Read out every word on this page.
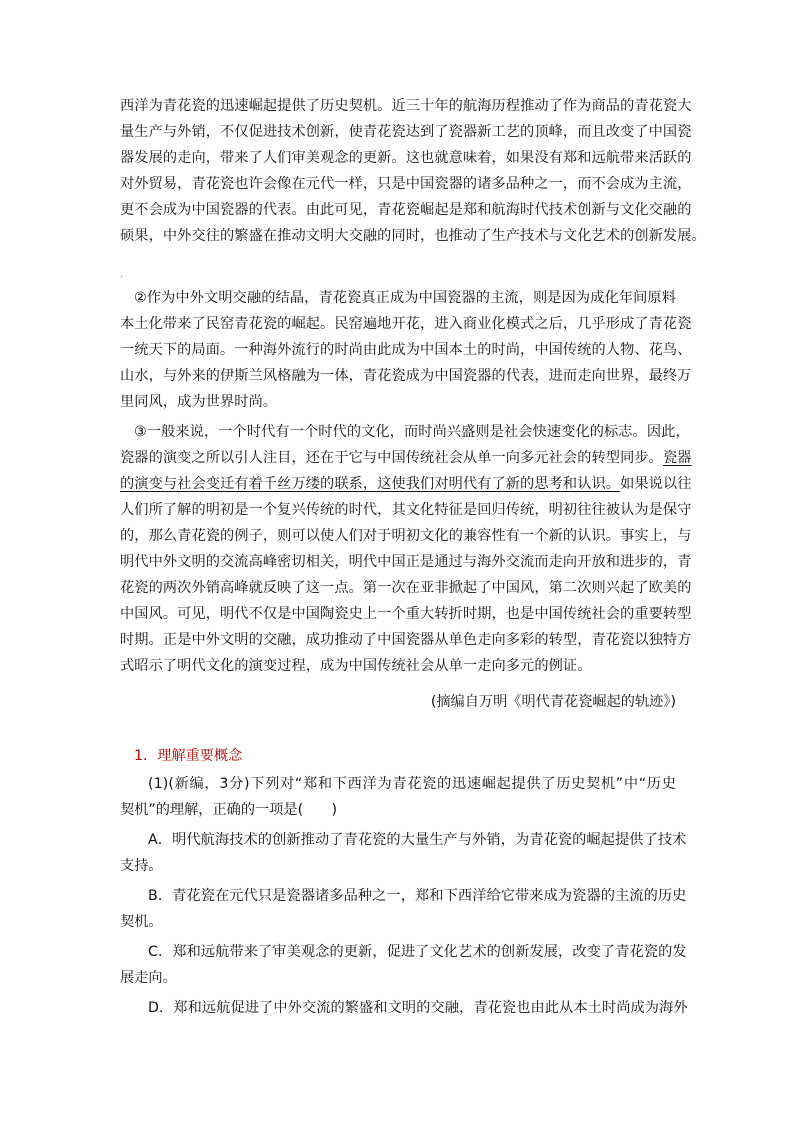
西洋为青花瓷的迅速崛起提供了历史契机。近三十年的航海历程推动了作为商品的青花瓷大
量生产与外销，不仅促进技术创新，使青花瓷达到了瓷器新工艺的顶峰，而且改变了中国瓷
器发展的走向，带来了人们审美观念的更新。这也就意味着，如果没有郑和远航带来活跃的
对外贸易，青花瓷也许会像在元代一样，只是中国瓷器的诸多品种之一，而不会成为主流，
更不会成为中国瓷器的代表。由此可见，青花瓷崛起是郑和航海时代技术创新与文化交融的
硕果，中外交往的繁盛在推动文明大交融的同时，也推动了生产技术与文化艺术的创新发展。
.
②作为中外文明交融的结晶，青花瓷真正成为中国瓷器的主流，则是因为成化年间原料
本土化带来了民窑青花瓷的崛起。民窑遍地开花，进入商业化模式之后，几乎形成了青花瓷
一统天下的局面。一种海外流行的时尚由此成为中国本土的时尚，中国传统的人物、花鸟、
山水，与外来的伊斯兰风格融为一体，青花瓷成为中国瓷器的代表，进而走向世界，最终万
里同风，成为世界时尚。
③一般来说，一个时代有一个时代的文化，而时尚兴盛则是社会快速变化的标志。因此，
瓷器的演变之所以引人注目，还在于它与中国传统社会从单一向多元社会的转型同步。瓷器
的演变与社会变迁有着千丝万缕的联系，这使我们对明代有了新的思考和认识。如果说以往
人们所了解的明初是一个复兴传统的时代，其文化特征是回归传统，明初往往被认为是保守
的，那么青花瓷的例子，则可以使人们对于明初文化的兼容性有一个新的认识。事实上，与
明代中外文明的交流高峰密切相关，明代中国正是通过与海外交流而走向开放和进步的，青
花瓷的两次外销高峰就反映了这一点。第一次在亚非掀起了中国风，第二次则兴起了欧美的
中国风。可见，明代不仅是中国陶瓷史上一个重大转折时期，也是中国传统社会的重要转型
时期。正是中外文明的交融，成功推动了中国瓷器从单色走向多彩的转型，青花瓷以独特方
式昭示了明代文化的演变过程，成为中国传统社会从单一走向多元的例证。
(摘编自万明《明代青花瓷崛起的轨迹》)
1．理解重要概念
(1)(新编，3分)下列对“郑和下西洋为青花瓷的迅速崛起提供了历史契机”中“历史
契机”的理解，正确的一项是(　　)
A．明代航海技术的创新推动了青花瓷的大量生产与外销，为青花瓷的崛起提供了技术
支持。
B．青花瓷在元代只是瓷器诸多品种之一，郑和下西洋给它带来成为瓷器的主流的历史
契机。
C．郑和远航带来了审美观念的更新，促进了文化艺术的创新发展，改变了青花瓷的发
展走向。
D．郑和远航促进了中外交流的繁盛和文明的交融，青花瓷也由此从本土时尚成为海外
